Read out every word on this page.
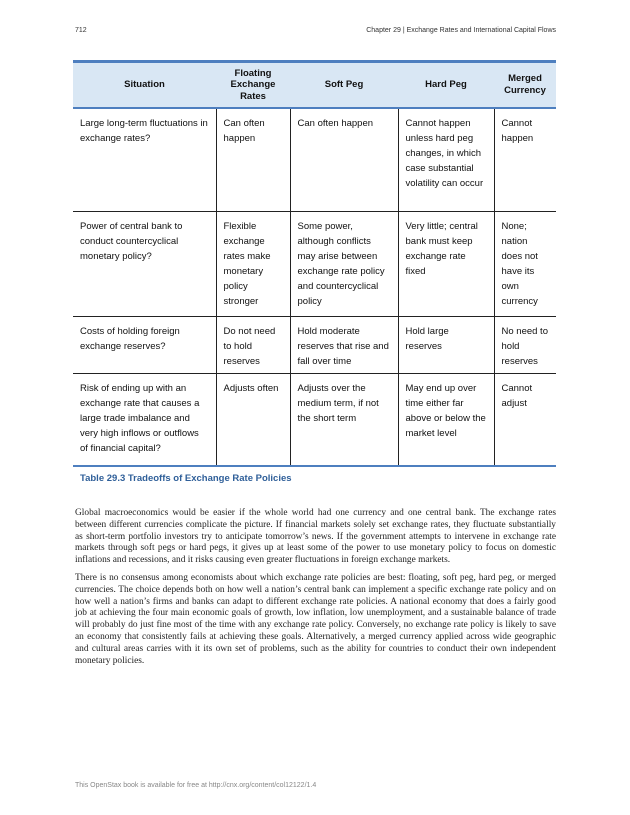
712	Chapter 29 | Exchange Rates and International Capital Flows
Situation	Floating Exchange Rates	Soft Peg	Hard Peg	Merged Currency
Large long-term fluctuations in exchange rates?	Can often happen	Can often happen	Cannot happen unless hard peg changes, in which case substantial volatility can occur	Cannot happen
Power of central bank to conduct countercyclical monetary policy?	Flexible exchange rates make monetary policy stronger	Some power, although conflicts may arise between exchange rate policy and countercyclical policy	Very little; central bank must keep exchange rate fixed	None; nation does not have its own currency
Costs of holding foreign exchange reserves?	Do not need to hold reserves	Hold moderate reserves that rise and fall over time	Hold large reserves	No need to hold reserves
Risk of ending up with an exchange rate that causes a large trade imbalance and very high inflows or outflows of financial capital?	Adjusts often	Adjusts over the medium term, if not the short term	May end up over time either far above or below the market level	Cannot adjust
Table 29.3 Tradeoffs of Exchange Rate Policies

Global macroeconomics would be easier if the whole world had one currency and one central bank. The exchange rates between different currencies complicate the picture. If financial markets solely set exchange rates, they fluctuate substantially as short-term portfolio investors try to anticipate tomorrow’s news. If the government attempts to intervene in exchange rate markets through soft pegs or hard pegs, it gives up at least some of the power to use monetary policy to focus on domestic inflations and recessions, and it risks causing even greater fluctuations in foreign exchange markets.

There is no consensus among economists about which exchange rate policies are best: floating, soft peg, hard peg, or merged currencies. The choice depends both on how well a nation’s central bank can implement a specific exchange rate policy and on how well a nation’s firms and banks can adapt to different exchange rate policies. A national economy that does a fairly good job at achieving the four main economic goals of growth, low inflation, low unemployment, and a sustainable balance of trade will probably do just fine most of the time with any exchange rate policy. Conversely, no exchange rate policy is likely to save an economy that consistently fails at achieving these goals. Alternatively, a merged currency applied across wide geographic and cultural areas carries with it its own set of problems, such as the ability for countries to conduct their own independent monetary policies.

This OpenStax book is available for free at http://cnx.org/content/col12122/1.4
